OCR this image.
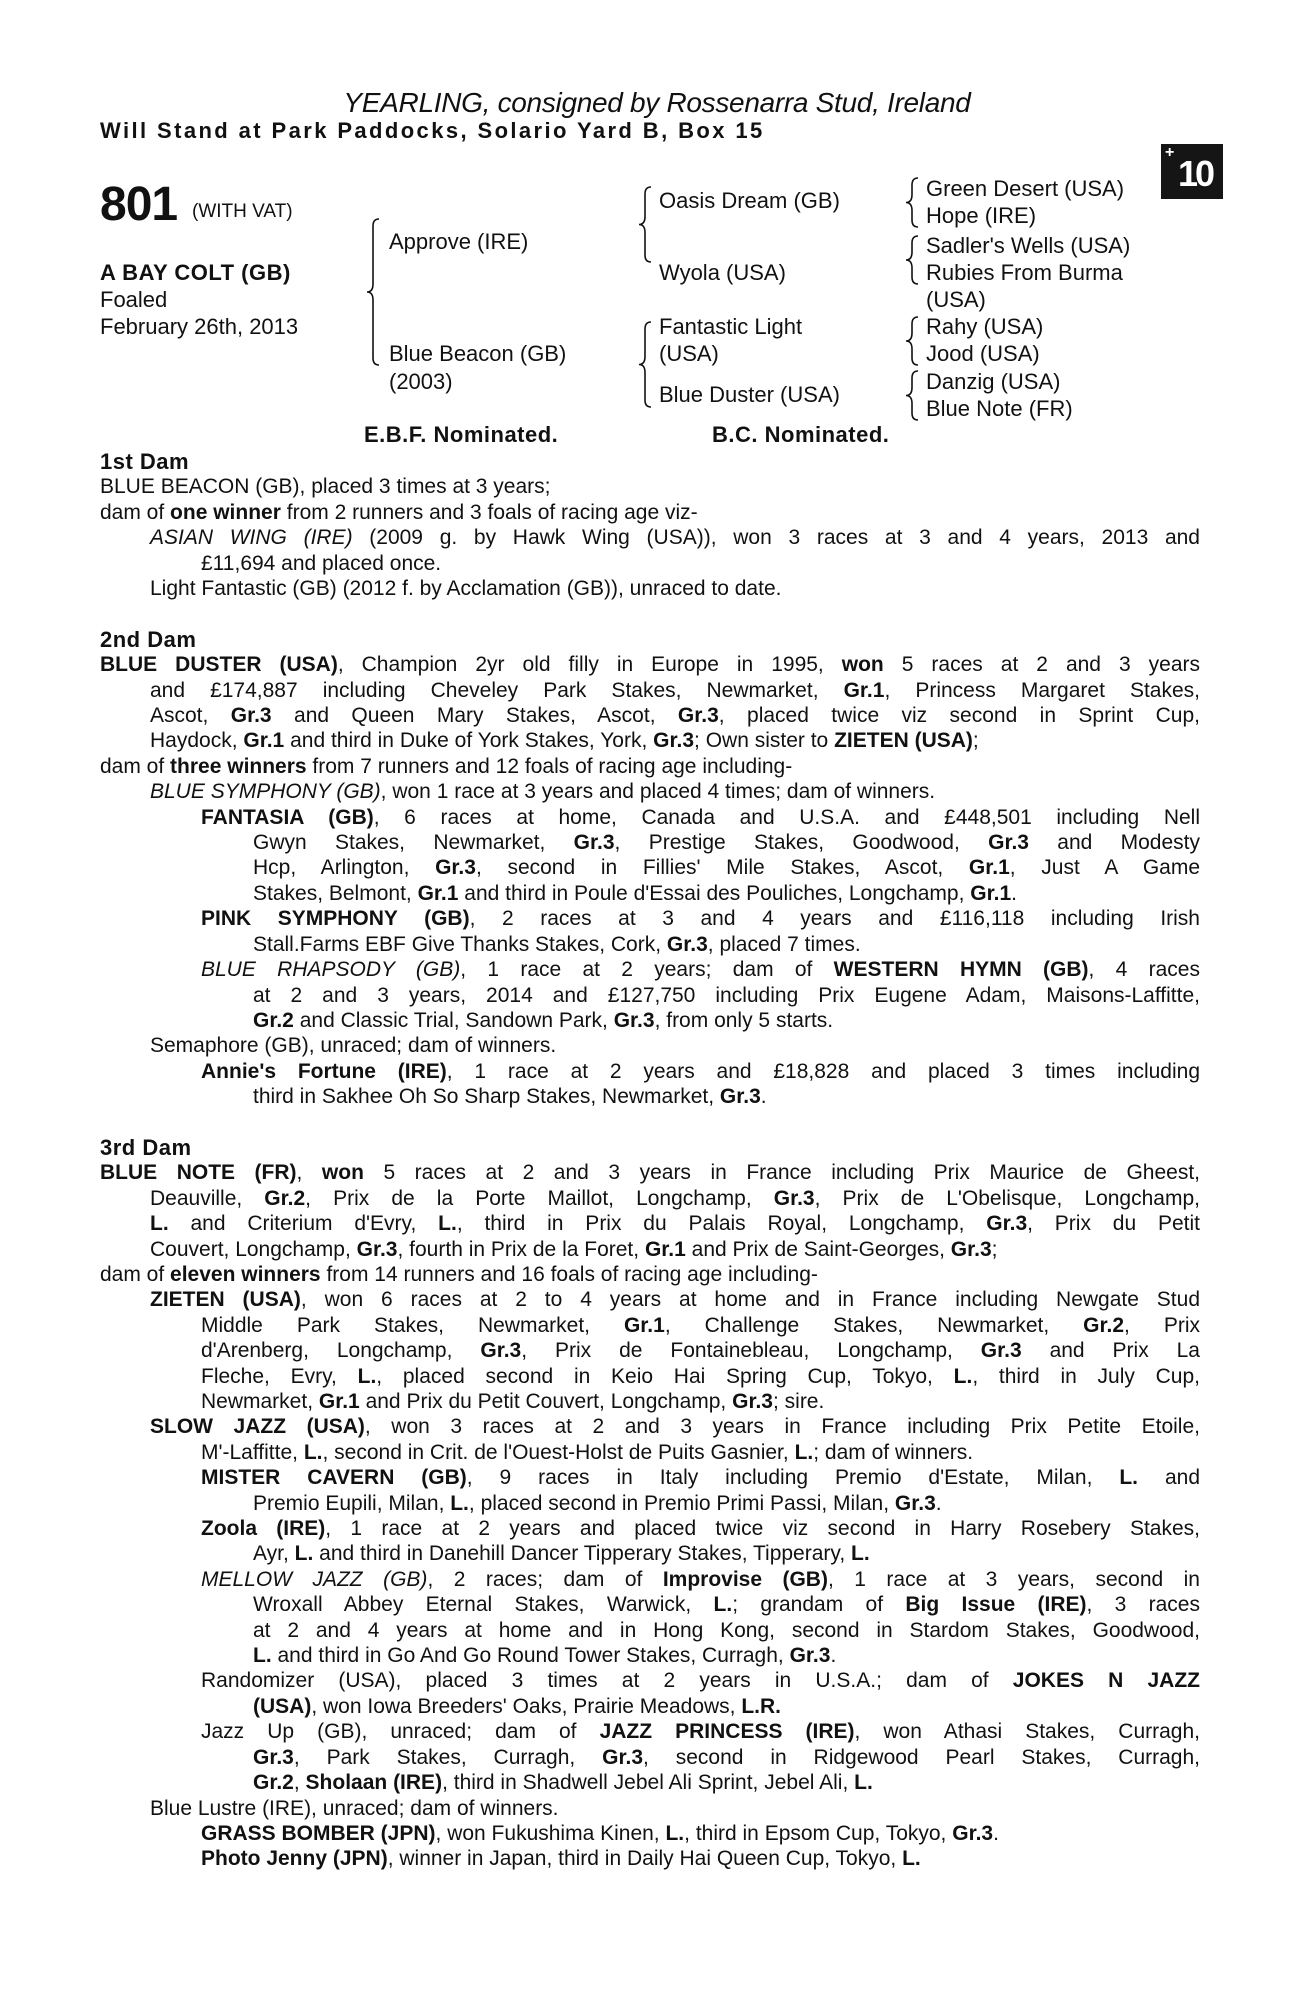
YEARLING, consigned by Rossenarra Stud, Ireland
Will Stand at Park Paddocks, Solario Yard B, Box 15
+
10
801 (WITH VAT)
A BAY COLT (GB)
Foaled
February 26th, 2013
Approve (IRE)
Blue Beacon (GB)
(2003)
Oasis Dream (GB)
Wyola (USA)
Fantastic Light
(USA)
Blue Duster (USA)
Green Desert (USA)
Hope (IRE)
Sadler's Wells (USA)
Rubies From Burma
(USA)
Rahy (USA)
Jood (USA)
Danzig (USA)
Blue Note (FR)
E.B.F. Nominated.	B.C. Nominated.
1st Dam
BLUE BEACON (GB), placed 3 times at 3 years;
dam of one winner from 2 runners and 3 foals of racing age viz-
ASIAN WING (IRE) (2009 g. by Hawk Wing (USA)), won 3 races at 3 and 4 years, 2013 and
£11,694 and placed once.
Light Fantastic (GB) (2012 f. by Acclamation (GB)), unraced to date.
2nd Dam
BLUE DUSTER (USA), Champion 2yr old filly in Europe in 1995, won 5 races at 2 and 3 years
and £174,887 including Cheveley Park Stakes, Newmarket, Gr.1, Princess Margaret Stakes,
Ascot, Gr.3 and Queen Mary Stakes, Ascot, Gr.3, placed twice viz second in Sprint Cup,
Haydock, Gr.1 and third in Duke of York Stakes, York, Gr.3; Own sister to ZIETEN (USA);
dam of three winners from 7 runners and 12 foals of racing age including-
BLUE SYMPHONY (GB), won 1 race at 3 years and placed 4 times; dam of winners.
FANTASIA (GB), 6 races at home, Canada and U.S.A. and £448,501 including Nell
Gwyn Stakes, Newmarket, Gr.3, Prestige Stakes, Goodwood, Gr.3 and Modesty
Hcp, Arlington, Gr.3, second in Fillies' Mile Stakes, Ascot, Gr.1, Just A Game
Stakes, Belmont, Gr.1 and third in Poule d'Essai des Pouliches, Longchamp, Gr.1.
PINK SYMPHONY (GB), 2 races at 3 and 4 years and £116,118 including Irish
Stall.Farms EBF Give Thanks Stakes, Cork, Gr.3, placed 7 times.
BLUE RHAPSODY (GB), 1 race at 2 years; dam of WESTERN HYMN (GB), 4 races
at 2 and 3 years, 2014 and £127,750 including Prix Eugene Adam, Maisons-Laffitte,
Gr.2 and Classic Trial, Sandown Park, Gr.3, from only 5 starts.
Semaphore (GB), unraced; dam of winners.
Annie's Fortune (IRE), 1 race at 2 years and £18,828 and placed 3 times including
third in Sakhee Oh So Sharp Stakes, Newmarket, Gr.3.
3rd Dam
BLUE NOTE (FR), won 5 races at 2 and 3 years in France including Prix Maurice de Gheest,
Deauville, Gr.2, Prix de la Porte Maillot, Longchamp, Gr.3, Prix de L'Obelisque, Longchamp,
L. and Criterium d'Evry, L., third in Prix du Palais Royal, Longchamp, Gr.3, Prix du Petit
Couvert, Longchamp, Gr.3, fourth in Prix de la Foret, Gr.1 and Prix de Saint-Georges, Gr.3;
dam of eleven winners from 14 runners and 16 foals of racing age including-
ZIETEN (USA), won 6 races at 2 to 4 years at home and in France including Newgate Stud
Middle Park Stakes, Newmarket, Gr.1, Challenge Stakes, Newmarket, Gr.2, Prix
d'Arenberg, Longchamp, Gr.3, Prix de Fontainebleau, Longchamp, Gr.3 and Prix La
Fleche, Evry, L., placed second in Keio Hai Spring Cup, Tokyo, L., third in July Cup,
Newmarket, Gr.1 and Prix du Petit Couvert, Longchamp, Gr.3; sire.
SLOW JAZZ (USA), won 3 races at 2 and 3 years in France including Prix Petite Etoile,
M'-Laffitte, L., second in Crit. de l'Ouest-Holst de Puits Gasnier, L.; dam of winners.
MISTER CAVERN (GB), 9 races in Italy including Premio d'Estate, Milan, L. and
Premio Eupili, Milan, L., placed second in Premio Primi Passi, Milan, Gr.3.
Zoola (IRE), 1 race at 2 years and placed twice viz second in Harry Rosebery Stakes,
Ayr, L. and third in Danehill Dancer Tipperary Stakes, Tipperary, L.
MELLOW JAZZ (GB), 2 races; dam of Improvise (GB), 1 race at 3 years, second in
Wroxall Abbey Eternal Stakes, Warwick, L.; grandam of Big Issue (IRE), 3 races
at 2 and 4 years at home and in Hong Kong, second in Stardom Stakes, Goodwood,
L. and third in Go And Go Round Tower Stakes, Curragh, Gr.3.
Randomizer (USA), placed 3 times at 2 years in U.S.A.; dam of JOKES N JAZZ
(USA), won Iowa Breeders' Oaks, Prairie Meadows, L.R.
Jazz Up (GB), unraced; dam of JAZZ PRINCESS (IRE), won Athasi Stakes, Curragh,
Gr.3, Park Stakes, Curragh, Gr.3, second in Ridgewood Pearl Stakes, Curragh,
Gr.2, Sholaan (IRE), third in Shadwell Jebel Ali Sprint, Jebel Ali, L.
Blue Lustre (IRE), unraced; dam of winners.
GRASS BOMBER (JPN), won Fukushima Kinen, L., third in Epsom Cup, Tokyo, Gr.3.
Photo Jenny (JPN), winner in Japan, third in Daily Hai Queen Cup, Tokyo, L.
